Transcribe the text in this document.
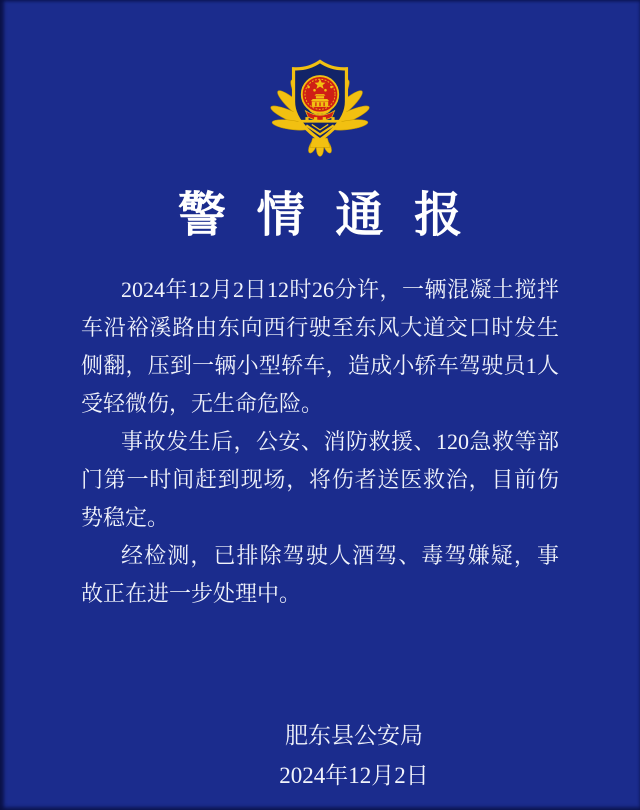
警情通报

2024年12月2日12时26分许，一辆混凝土搅拌车沿裕溪路由东向西行驶至东风大道交口时发生侧翻，压到一辆小型轿车，造成小轿车驾驶员1人受轻微伤，无生命危险。

事故发生后，公安、消防救援、120急救等部门第一时间赶到现场，将伤者送医救治，目前伤势稳定。

经检测，已排除驾驶人酒驾、毒驾嫌疑，事故正在进一步处理中。

肥东县公安局
2024年12月2日
